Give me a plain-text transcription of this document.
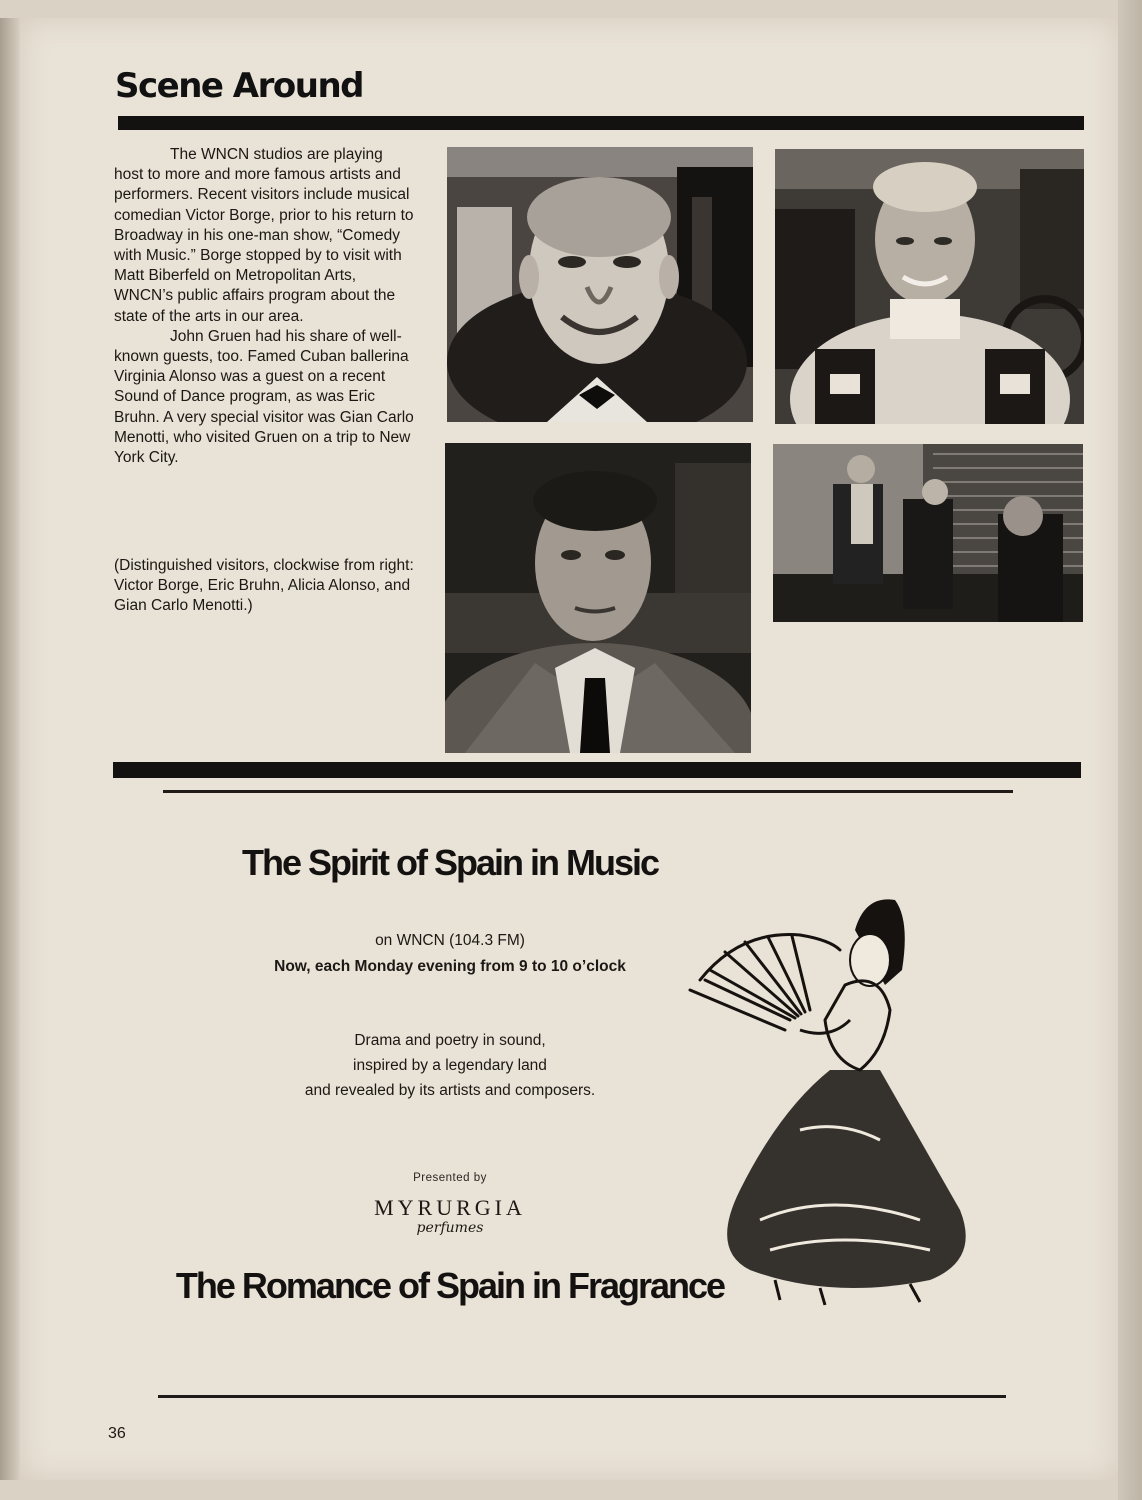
Scene Around

The WNCN studios are playing host to more and more famous artists and performers. Recent visitors include musical comedian Victor Borge, prior to his return to Broadway in his one-man show, “Comedy with Music.” Borge stopped by to visit with Matt Biberfeld on Metropolitan Arts, WNCN’s public affairs program about the state of the arts in our area.

John Gruen had his share of well-known guests, too. Famed Cuban ballerina Virginia Alonso was a guest on a recent Sound of Dance program, as was Eric Bruhn. A very special visitor was Gian Carlo Menotti, who visited Gruen on a trip to New York City.

(Distinguished visitors, clockwise from right: Victor Borge, Eric Bruhn, Alicia Alonso, and Gian Carlo Menotti.)
The Spirit of Spain in Music
on WNCN (104.3 FM)
Now, each Monday evening from 9 to 10 o’clock
Drama and poetry in sound,
inspired by a legendary land
and revealed by its artists and composers.
Presented by
MYRURGIA
perfumes
The Romance of Spain in Fragrance
36
